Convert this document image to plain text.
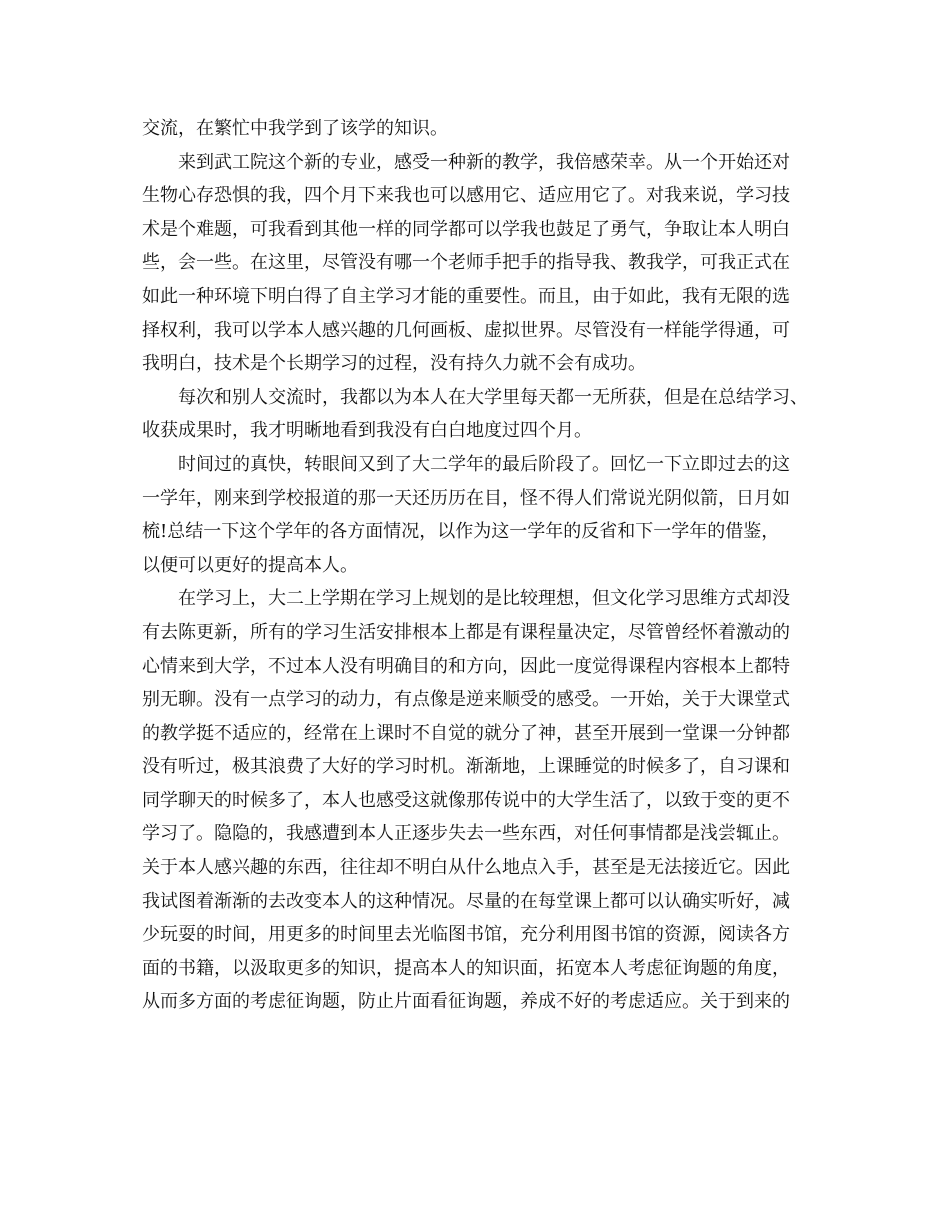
交流，在繁忙中我学到了该学的知识。
来到武工院这个新的专业，感受一种新的教学，我倍感荣幸。从一个开始还对
生物心存恐惧的我，四个月下来我也可以感用它、适应用它了。对我来说，学习技
术是个难题，可我看到其他一样的同学都可以学我也鼓足了勇气，争取让本人明白
些，会一些。在这里，尽管没有哪一个老师手把手的指导我、教我学，可我正式在
如此一种环境下明白得了自主学习才能的重要性。而且，由于如此，我有无限的选
择权利，我可以学本人感兴趣的几何画板、虚拟世界。尽管没有一样能学得通，可
我明白，技术是个长期学习的过程，没有持久力就不会有成功。
每次和别人交流时，我都以为本人在大学里每天都一无所获，但是在总结学习、
收获成果时，我才明晰地看到我没有白白地度过四个月。
时间过的真快，转眼间又到了大二学年的最后阶段了。回忆一下立即过去的这
一学年，刚来到学校报道的那一天还历历在目，怪不得人们常说光阴似箭，日月如
梳!总结一下这个学年的各方面情况，以作为这一学年的反省和下一学年的借鉴，
以便可以更好的提高本人。
在学习上，大二上学期在学习上规划的是比较理想，但文化学习思维方式却没
有去陈更新，所有的学习生活安排根本上都是有课程量决定，尽管曾经怀着激动的
心情来到大学，不过本人没有明确目的和方向，因此一度觉得课程内容根本上都特
别无聊。没有一点学习的动力，有点像是逆来顺受的感受。一开始，关于大课堂式
的教学挺不适应的，经常在上课时不自觉的就分了神，甚至开展到一堂课一分钟都
没有听过，极其浪费了大好的学习时机。渐渐地，上课睡觉的时候多了，自习课和
同学聊天的时候多了，本人也感受这就像那传说中的大学生活了，以致于变的更不
学习了。隐隐的，我感遭到本人正逐步失去一些东西，对任何事情都是浅尝辄止。
关于本人感兴趣的东西，往往却不明白从什么地点入手，甚至是无法接近它。因此
我试图着渐渐的去改变本人的这种情况。尽量的在每堂课上都可以认确实听好，减
少玩耍的时间，用更多的时间里去光临图书馆，充分利用图书馆的资源，阅读各方
面的书籍，以汲取更多的知识，提高本人的知识面，拓宽本人考虑征询题的角度，
从而多方面的考虑征询题，防止片面看征询题，养成不好的考虑适应。关于到来的
